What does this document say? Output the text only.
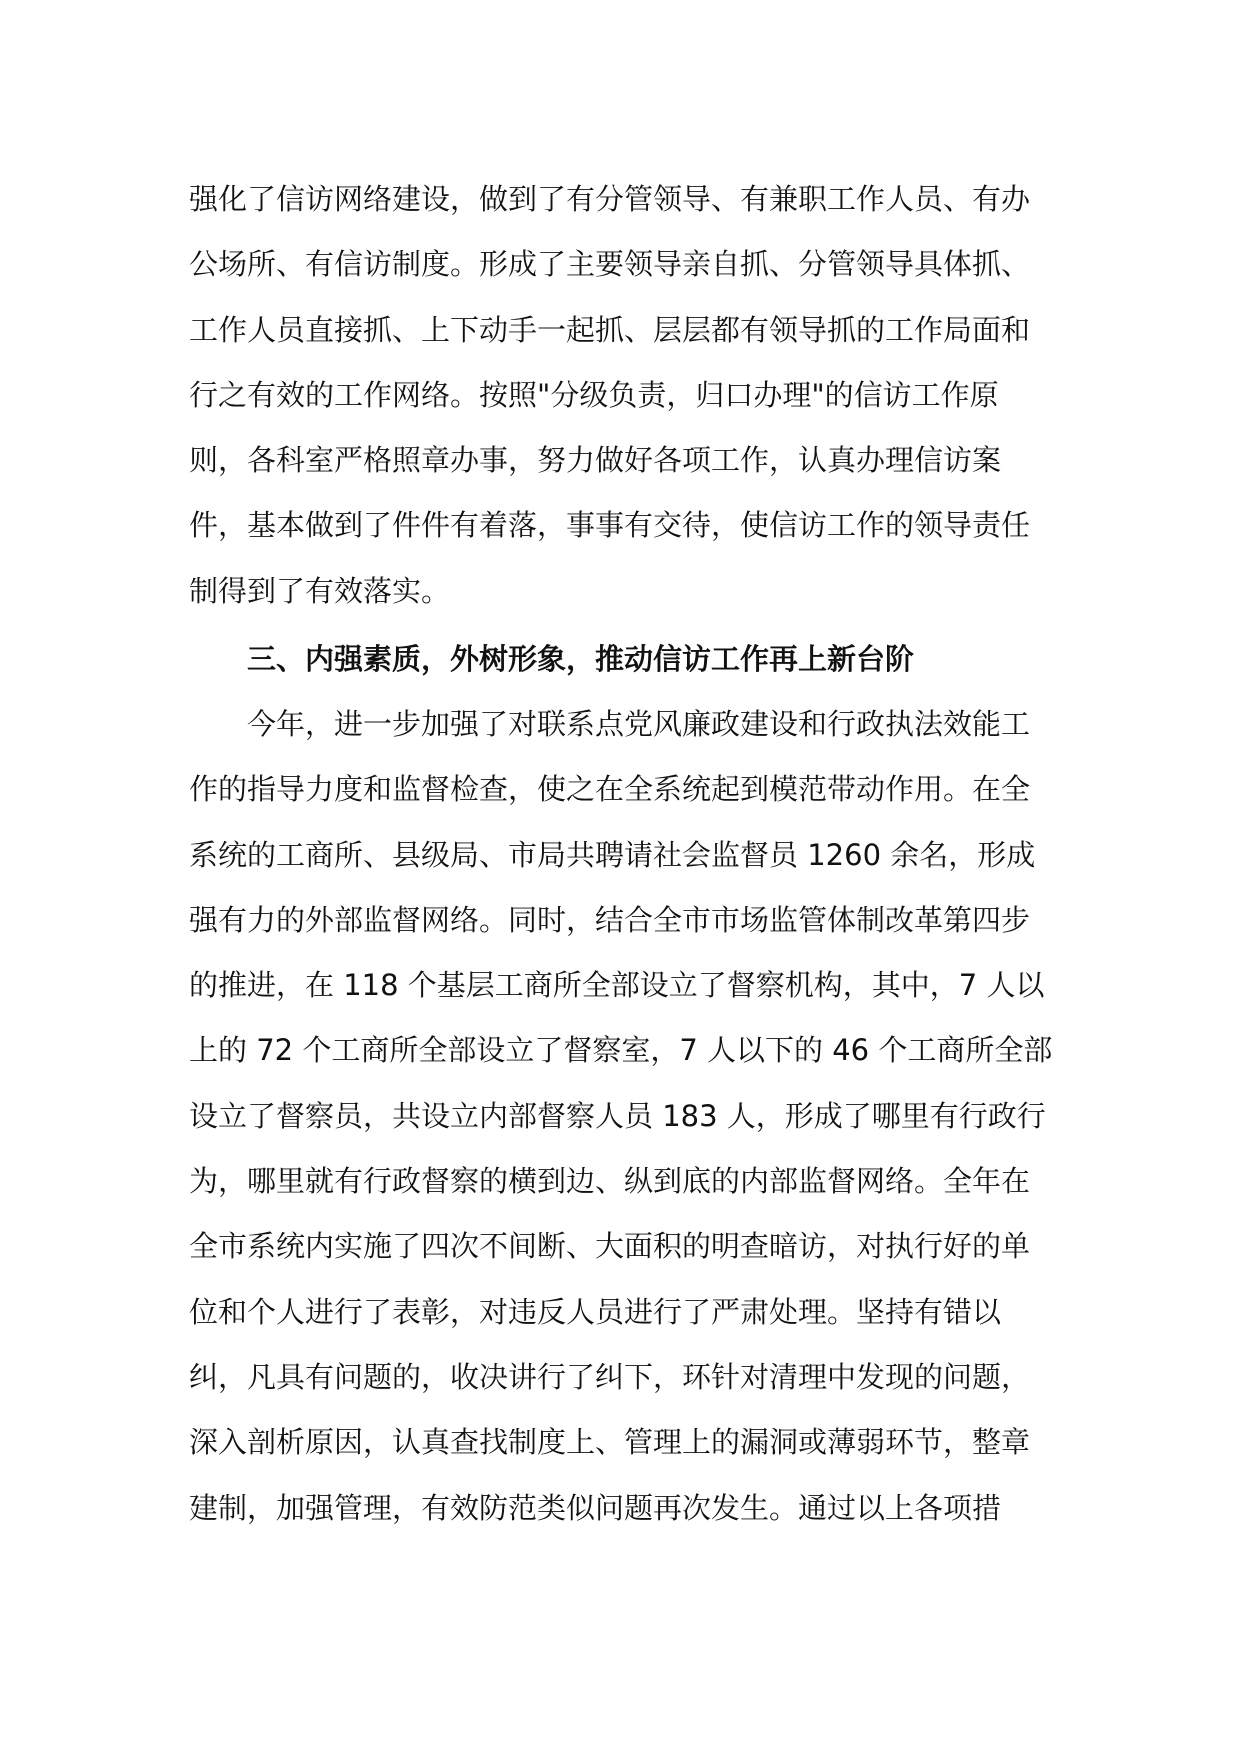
强化了信访网络建设，做到了有分管领导、有兼职工作人员、有办
公场所、有信访制度。形成了主要领导亲自抓、分管领导具体抓、
工作人员直接抓、上下动手一起抓、层层都有领导抓的工作局面和
行之有效的工作网络。按照"分级负责，归口办理"的信访工作原
则，各科室严格照章办事，努力做好各项工作，认真办理信访案
件，基本做到了件件有着落，事事有交待，使信访工作的领导责任
制得到了有效落实。
三、内强素质，外树形象，推动信访工作再上新台阶
今年，进一步加强了对联系点党风廉政建设和行政执法效能工
作的指导力度和监督检查，使之在全系统起到模范带动作用。在全
系统的工商所、县级局、市局共聘请社会监督员 1260 余名，形成
强有力的外部监督网络。同时，结合全市市场监管体制改革第四步
的推进，在 118 个基层工商所全部设立了督察机构，其中，7 人以
上的 72 个工商所全部设立了督察室，7 人以下的 46 个工商所全部
设立了督察员，共设立内部督察人员 183 人，形成了哪里有行政行
为，哪里就有行政督察的横到边、纵到底的内部监督网络。全年在
全市系统内实施了四次不间断、大面积的明查暗访，对执行好的单
位和个人进行了表彰，对违反人员进行了严肃处理。坚持有错以
纠，凡具有问题的，收决讲行了纠下，环针对清理中发现的问题，
深入剖析原因，认真查找制度上、管理上的漏洞或薄弱环节，整章
建制，加强管理，有效防范类似问题再次发生。通过以上各项措
